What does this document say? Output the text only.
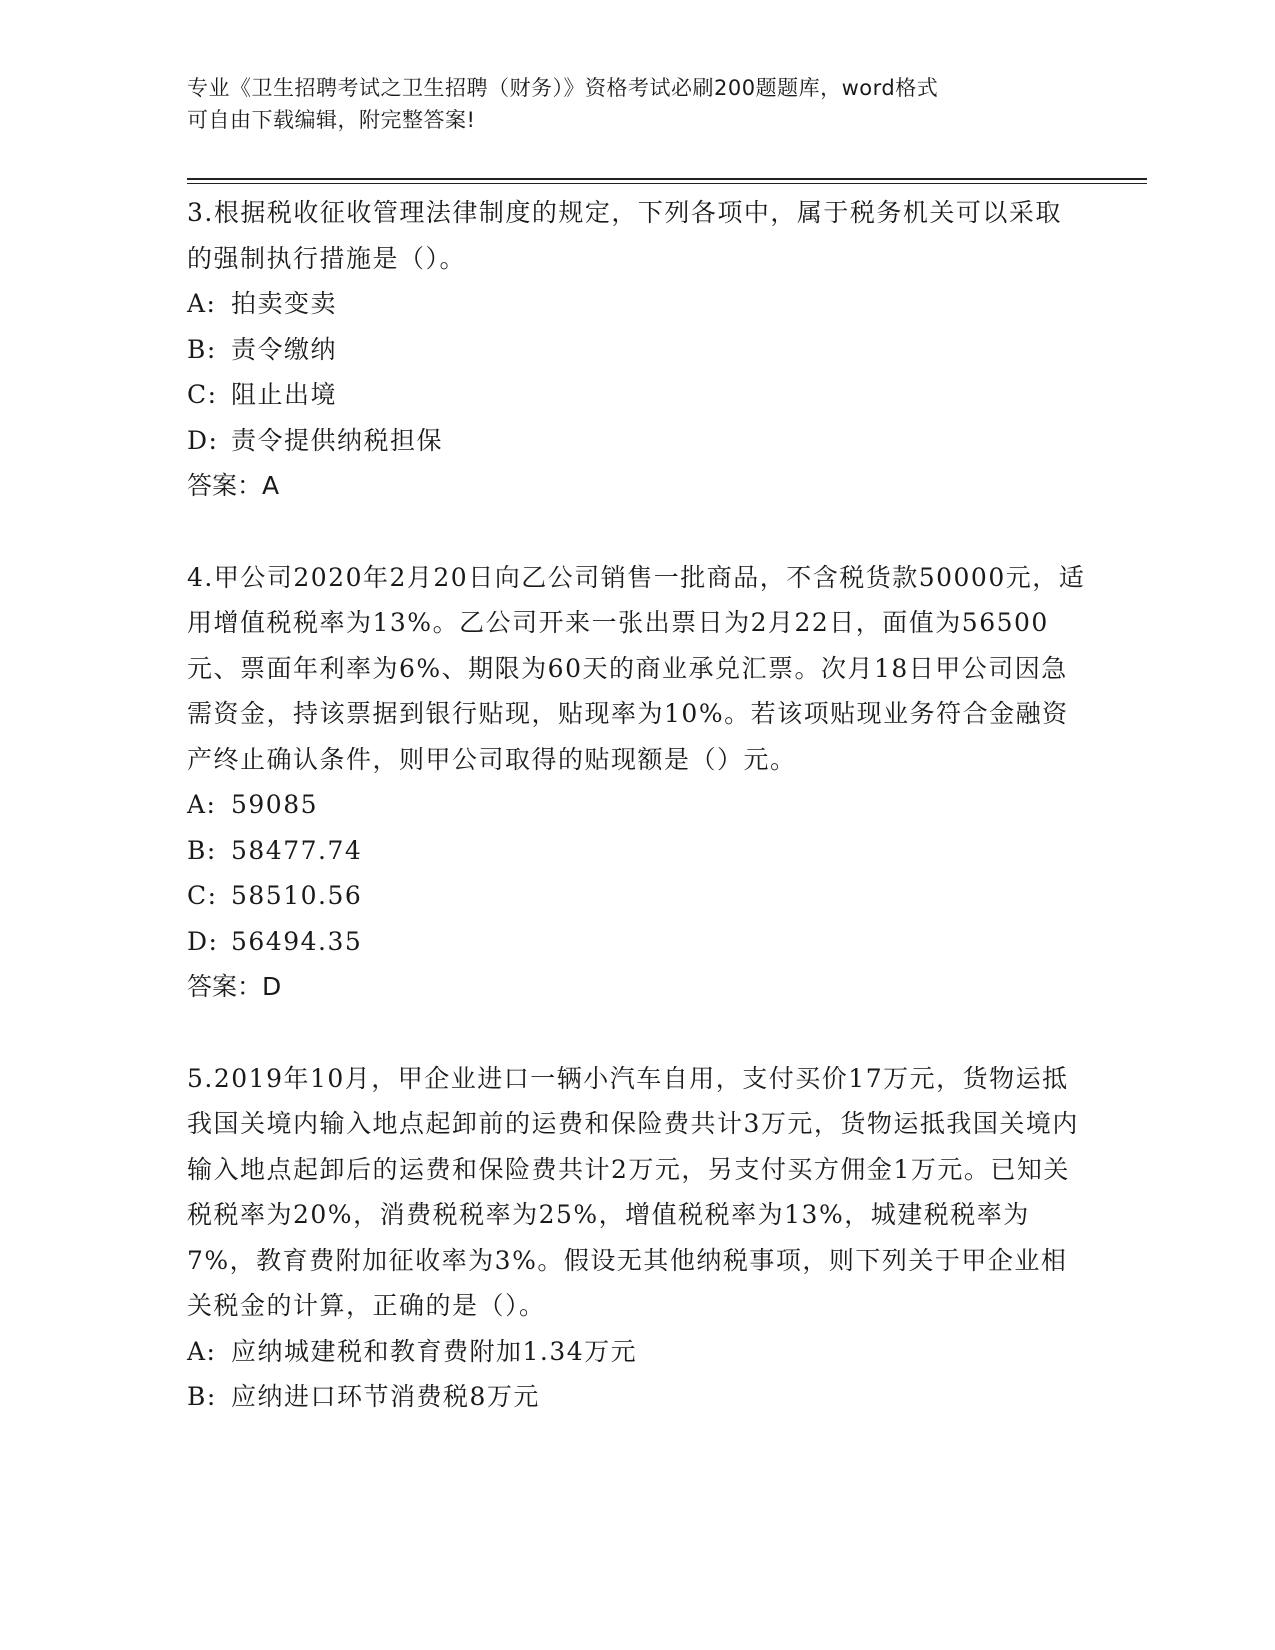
专业《卫生招聘考试之卫生招聘（财务）》资格考试必刷200题题库，word格式
可自由下载编辑，附完整答案!

3.根据税收征收管理法律制度的规定，下列各项中，属于税务机关可以采取的强制执行措施是（）。

A: 拍卖变卖

B: 责令缴纳

C: 阻止出境

D: 责令提供纳税担保

答案：A

4.甲公司2020年2月20日向乙公司销售一批商品，不含税货款50000元，适用增值税税率为13%。乙公司开来一张出票日为2月22日，面值为56500元、票面年利率为6%、期限为60天的商业承兑汇票。次月18日甲公司因急需资金，持该票据到银行贴现，贴现率为10%。若该项贴现业务符合金融资产终止确认条件，则甲公司取得的贴现额是（）元。

A: 59085

B: 58477.74

C: 58510.56

D: 56494.35

答案：D

5.2019年10月，甲企业进口一辆小汽车自用，支付买价17万元，货物运抵我国关境内输入地点起卸前的运费和保险费共计3万元，货物运抵我国关境内输入地点起卸后的运费和保险费共计2万元，另支付买方佣金1万元。已知关税税率为20%，消费税税率为25%，增值税税率为13%，城建税税率为7%，教育费附加征收率为3%。假设无其他纳税事项，则下列关于甲企业相关税金的计算，正确的是（）。

A: 应纳城建税和教育费附加1.34万元

B: 应纳进口环节消费税8万元
